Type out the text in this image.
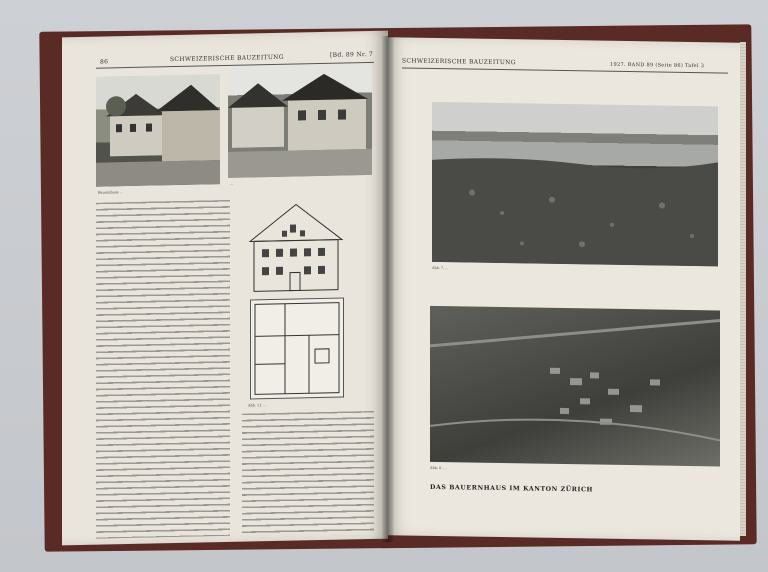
86	SCHWEIZERISCHE BAUZEITUNG	[Bd. 89 Nr. 7
Bauernhaus ...
...
Abb. 11. ...
SCHWEIZERISCHE BAUZEITUNG	1927. BAND 89 (Seite 86) Tafel 3
Abb. 7. ...
Abb. 8. ...
DAS BAUERNHAUS IM KANTON ZÜRICH
